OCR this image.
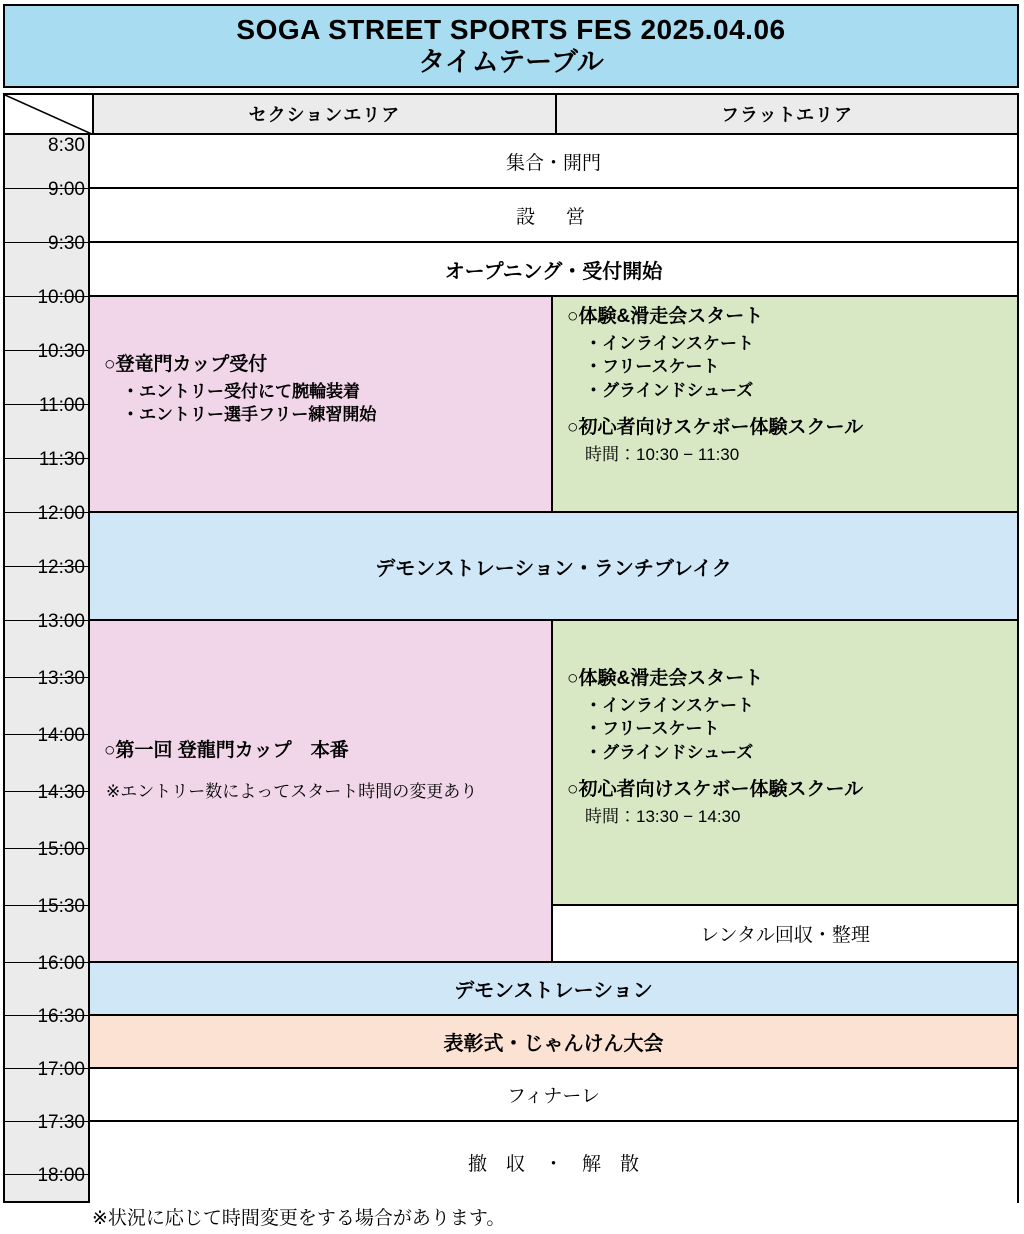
SOGA STREET SPORTS FES 2025.04.06
タイムテーブル
セクションエリア	フラットエリア
8:30
9:00
9:30
10:00
10:30
11:00
11:30
12:00
12:30
13:00
13:30
14:00
14:30
15:00
15:30
16:00
16:30
17:00
17:30
18:00
集合・開門
設　営
オープニング・受付開始
○登竜門カップ受付
・エントリー受付にて腕輪装着
・エントリー選手フリー練習開始
○体験&滑走会スタート
・インラインスケート
・フリースケート
・グラインドシューズ
○初心者向けスケボー体験スクール
時間：10:30 − 11:30
デモンストレーション・ランチブレイク
○第一回 登龍門カップ　本番
※エントリー数によってスタート時間の変更あり
○体験&滑走会スタート
・インラインスケート
・フリースケート
・グラインドシューズ
○初心者向けスケボー体験スクール
時間：13:30 − 14:30
レンタル回収・整理
デモンストレーション
表彰式・じゃんけん大会
フィナーレ
撤　収　・　解　散
※状況に応じて時間変更をする場合があります。
